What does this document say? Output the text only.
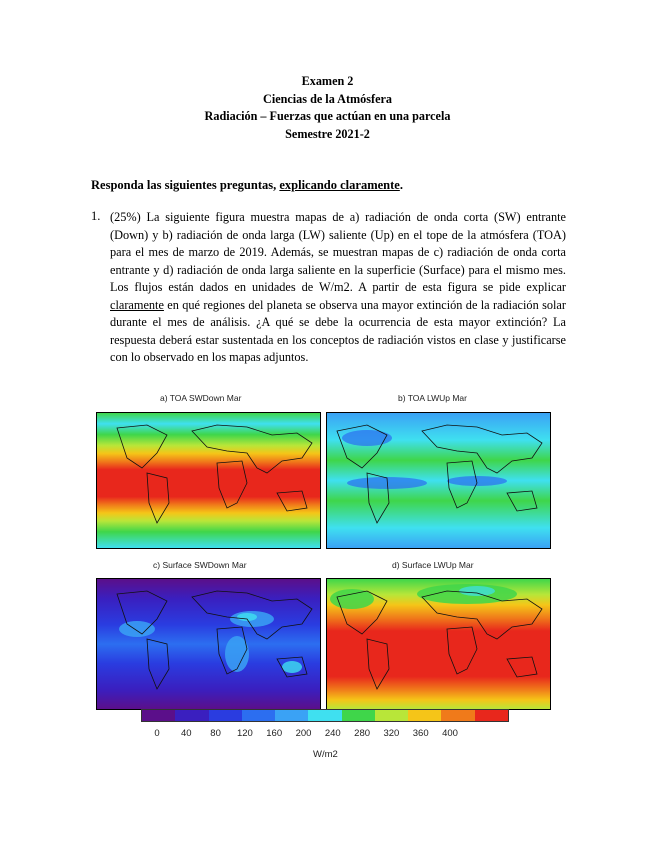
Examen 2
Ciencias de la Atmósfera
Radiación – Fuerzas que actúan en una parcela
Semestre 2021-2
Responda las siguientes preguntas, explicando claramente.
1. (25%) La siguiente figura muestra mapas de a) radiación de onda corta (SW) entrante (Down) y b) radiación de onda larga (LW) saliente (Up) en el tope de la atmósfera (TOA) para el mes de marzo de 2019. Además, se muestran mapas de c) radiación de onda corta entrante y d) radiación de onda larga saliente en la superficie (Surface) para el mismo mes. Los flujos están dados en unidades de W/m2. A partir de esta figura se pide explicar claramente en qué regiones del planeta se observa una mayor extinción de la radiación solar durante el mes de análisis. ¿A qué se debe la ocurrencia de esta mayor extinción? La respuesta deberá estar sustentada en los conceptos de radiación vistos en clase y justificarse con lo observado en los mapas adjuntos.
a) TOA SWDown Mar	b) TOA LWUp Mar
c) Surface SWDown Mar	d) Surface LWUp Mar
0 40 80 120 160 200 240 280 320 360 400
W/m2
